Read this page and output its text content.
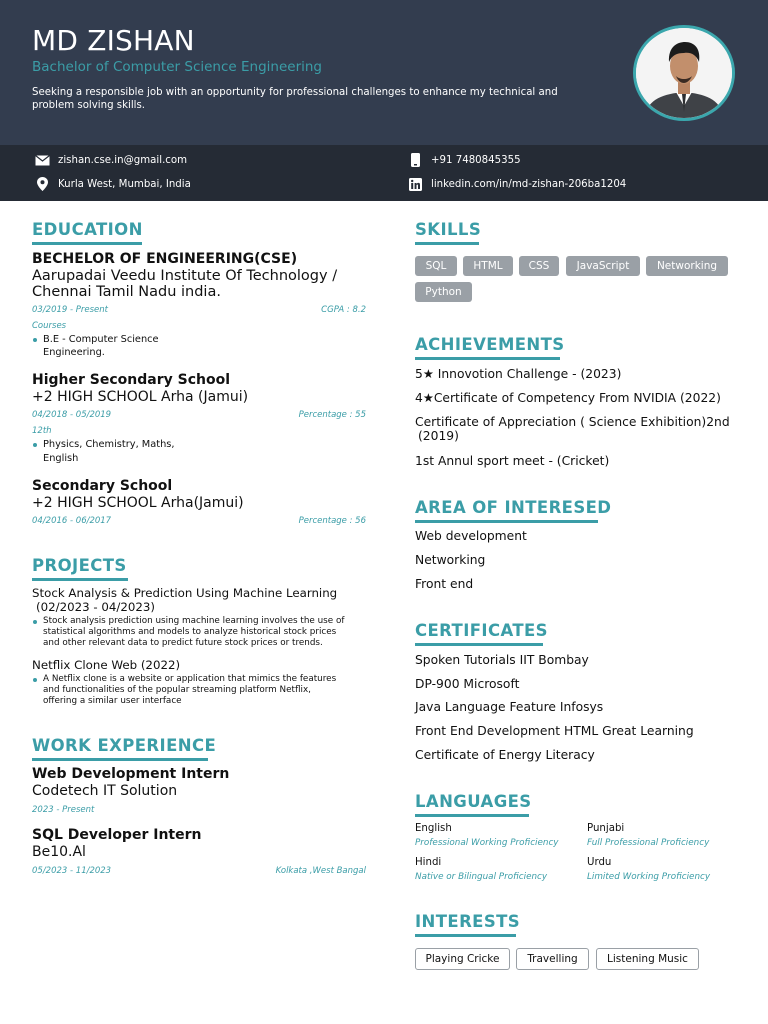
MD ZISHAN
Bachelor of Computer Science Engineering
Seeking a responsible job with an opportunity for professional challenges to enhance my technical and problem solving skills.
zishan.cse.in@gmail.com	+91 7480845355
Kurla West, Mumbai, India	linkedin.com/in/md-zishan-206ba1204
EDUCATION
BECHELOR OF ENGINEERING(CSE)
Aarupadai Veedu Institute Of Technology /
Chennai Tamil Nadu india.
03/2019 - Present	CGPA : 8.2
Courses
B.E - Computer Science
Engineering.
Higher Secondary School
+2 HIGH SCHOOL Arha (Jamui)
04/2018 - 05/2019	Percentage : 55
12th
Physics, Chemistry, Maths,
English
Secondary School
+2 HIGH SCHOOL Arha(Jamui)
04/2016 - 06/2017	Percentage : 56
PROJECTS
Stock Analysis & Prediction Using Machine Learning
(02/2023 - 04/2023)
Stock analysis prediction using machine learning involves the use of
statistical algorithms and models to analyze historical stock prices
and other relevant data to predict future stock prices or trends.
Netflix Clone Web (2022)
A Netflix clone is a website or application that mimics the features
and functionalities of the popular streaming platform Netflix,
offering a similar user interface
WORK EXPERIENCE
Web Development Intern
Codetech IT Solution
2023 - Present
SQL Developer Intern
Be10.Al
05/2023 - 11/2023	Kolkata ,West Bangal
SKILLS
SQL	HTML	CSS	JavaScript	Networking
Python
ACHIEVEMENTS
5★ Innovotion Challenge - (2023)
4★Certificate of Competency From NVIDIA (2022)
Certificate of Appreciation ( Science Exhibition)2nd
(2019)
1st Annul sport meet - (Cricket)
AREA OF INTERESED
Web development
Networking
Front end
CERTIFICATES
Spoken Tutorials IIT Bombay
DP-900 Microsoft
Java Language Feature Infosys
Front End Development HTML Great Learning
Certificate of Energy Literacy
LANGUAGES
English
Professional Working Proficiency
Punjabi
Full Professional Proficiency
Hindi
Native or Bilingual Proficiency
Urdu
Limited Working Proficiency
INTERESTS
Playing Cricke	Travelling	Listening Music
